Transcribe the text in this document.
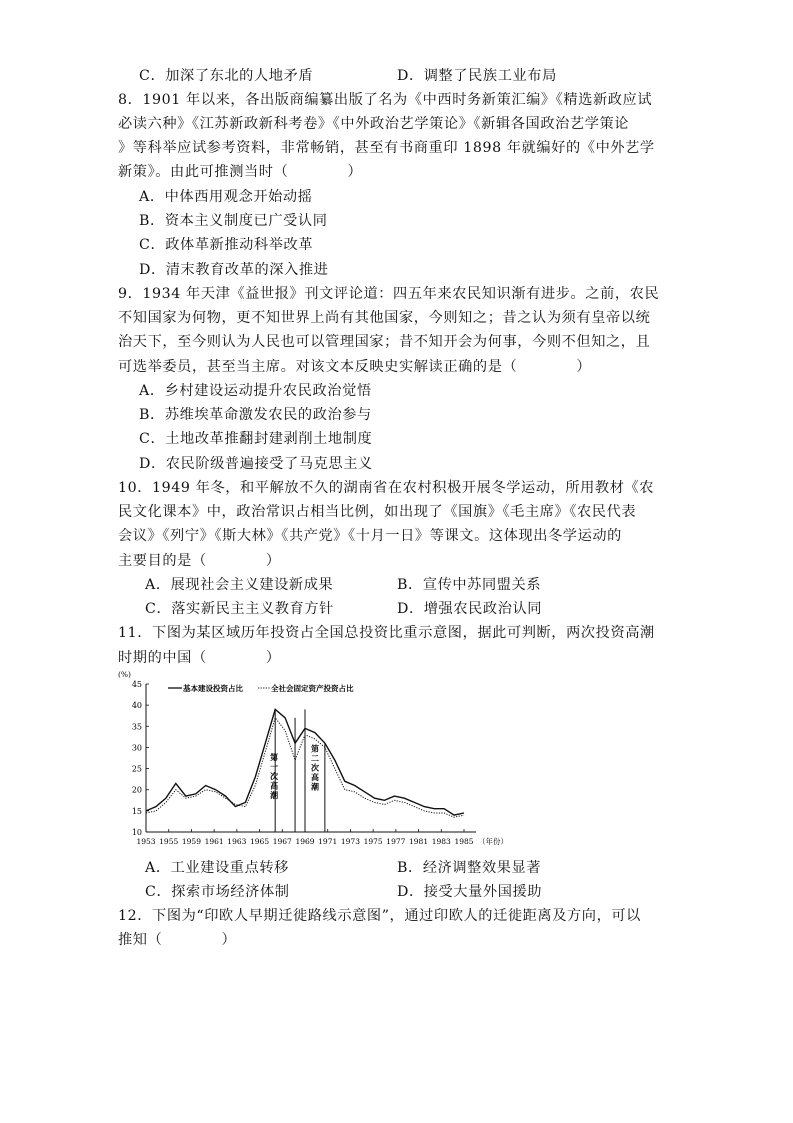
C．加深了东北的人地矛盾	D．调整了民族工业布局
8．1901 年以来，各出版商编纂出版了名为《中西时务新策汇编》《精选新政应试
必读六种》《江苏新政新科考卷》《中外政治艺学策论》《新辑各国政治艺学策论
》等科举应试参考资料，非常畅销，甚至有书商重印 1898 年就编好的《中外艺学
新策》。由此可推测当时（　　　　）
A．中体西用观念开始动摇
B．资本主义制度已广受认同
C．政体革新推动科举改革
D．清末教育改革的深入推进
9．1934 年天津《益世报》刊文评论道：四五年来农民知识渐有进步。之前，农民
不知国家为何物，更不知世界上尚有其他国家，今则知之；昔之认为须有皇帝以统
治天下，至今则认为人民也可以管理国家；昔不知开会为何事，今则不但知之，且
可选举委员，甚至当主席。对该文本反映史实解读正确的是（　　　　）
A．乡村建设运动提升农民政治觉悟
B．苏维埃革命激发农民的政治参与
C．土地改革推翻封建剥削土地制度
D．农民阶级普遍接受了马克思主义
10．1949 年冬，和平解放不久的湖南省在农村积极开展冬学运动，所用教材《农
民文化课本》中，政治常识占相当比例，如出现了《国旗》《毛主席》《农民代表
会议》《列宁》《斯大林》《共产党》《十月一日》等课文。这体现出冬学运动的
主要目的是（　　　　）
A．展现社会主义建设新成果	B．宣传中苏同盟关系
C．落实新民主主义教育方针	D．增强农民政治认同
11．下图为某区域历年投资占全国总投资比重示意图，据此可判断，两次投资高潮
时期的中国（　　　　）
(%)
基本建设投资占比	全社会固定资产投资占比
45
40
35
30
25
20
15
10
1953 1955 1959 1961 1963 1965 1967 1969 1971 1973 1975 1977 1981 1983 1985 （年份）
第
一
次
高
潮
第
二
次
高
潮
A．工业建设重点转移	B．经济调整效果显著
C．探索市场经济体制	D．接受大量外国援助
12．下图为“印欧人早期迁徙路线示意图”，通过印欧人的迁徙距离及方向，可以
推知（　　　　）
